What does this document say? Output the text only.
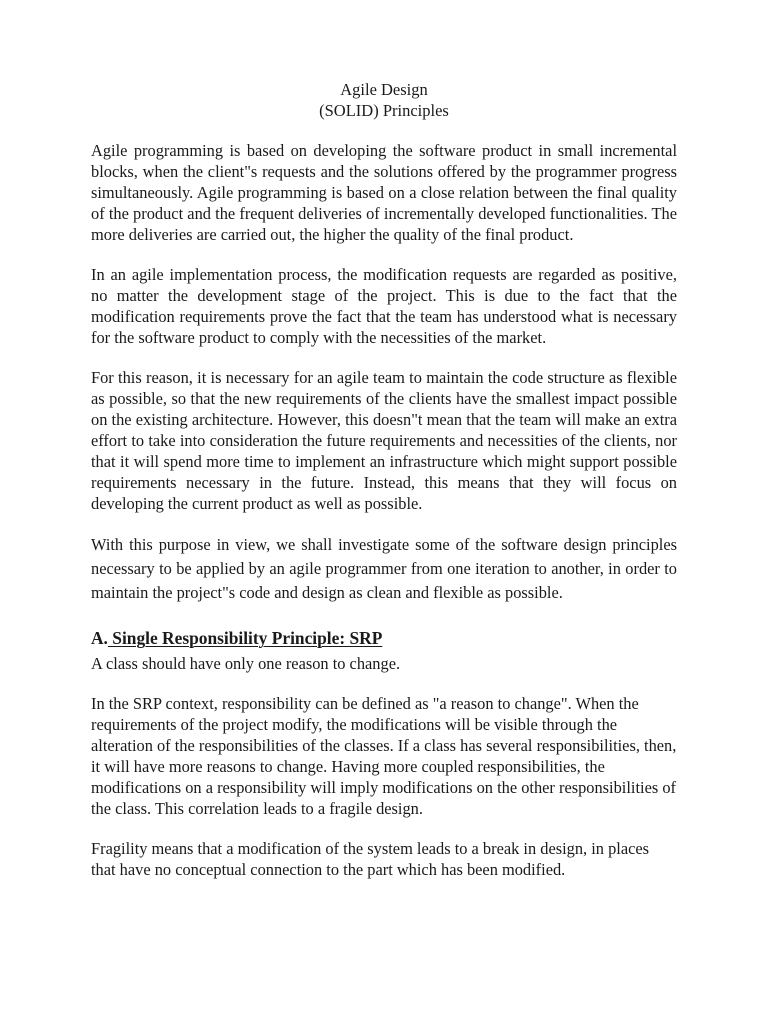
Agile Design
(SOLID) Principles

Agile programming is based on developing the software product in small incremental blocks, when the client"s requests and the solutions offered by the programmer progress simultaneously. Agile programming is based on a close relation between the final quality of the product and the frequent deliveries of incrementally developed functionalities. The more deliveries are carried out, the higher the quality of the final product.

In an agile implementation process, the modification requests are regarded as positive, no matter the development stage of the project. This is due to the fact that the modification requirements prove the fact that the team has understood what is necessary for the software product to comply with the necessities of the market.

For this reason, it is necessary for an agile team to maintain the code structure as flexible as possible, so that the new requirements of the clients have the smallest impact possible on the existing architecture. However, this doesn"t mean that the team will make an extra effort to take into consideration the future requirements and necessities of the clients, nor that it will spend more time to implement an infrastructure which might support possible requirements necessary in the future. Instead, this means that they will focus on developing the current product as well as possible.

With this purpose in view, we shall investigate some of the software design principles necessary to be applied by an agile programmer from one iteration to another, in order to maintain the project"s code and design as clean and flexible as possible.

A. Single Responsibility Principle: SRP

A class should have only one reason to change.

In the SRP context, responsibility can be defined as "a reason to change". When the requirements of the project modify, the modifications will be visible through the alteration of the responsibilities of the classes. If a class has several responsibilities, then, it will have more reasons to change. Having more coupled responsibilities, the modifications on a responsibility will imply modifications on the other responsibilities of the class. This correlation leads to a fragile design.

Fragility means that a modification of the system leads to a break in design, in places that have no conceptual connection to the part which has been modified.
